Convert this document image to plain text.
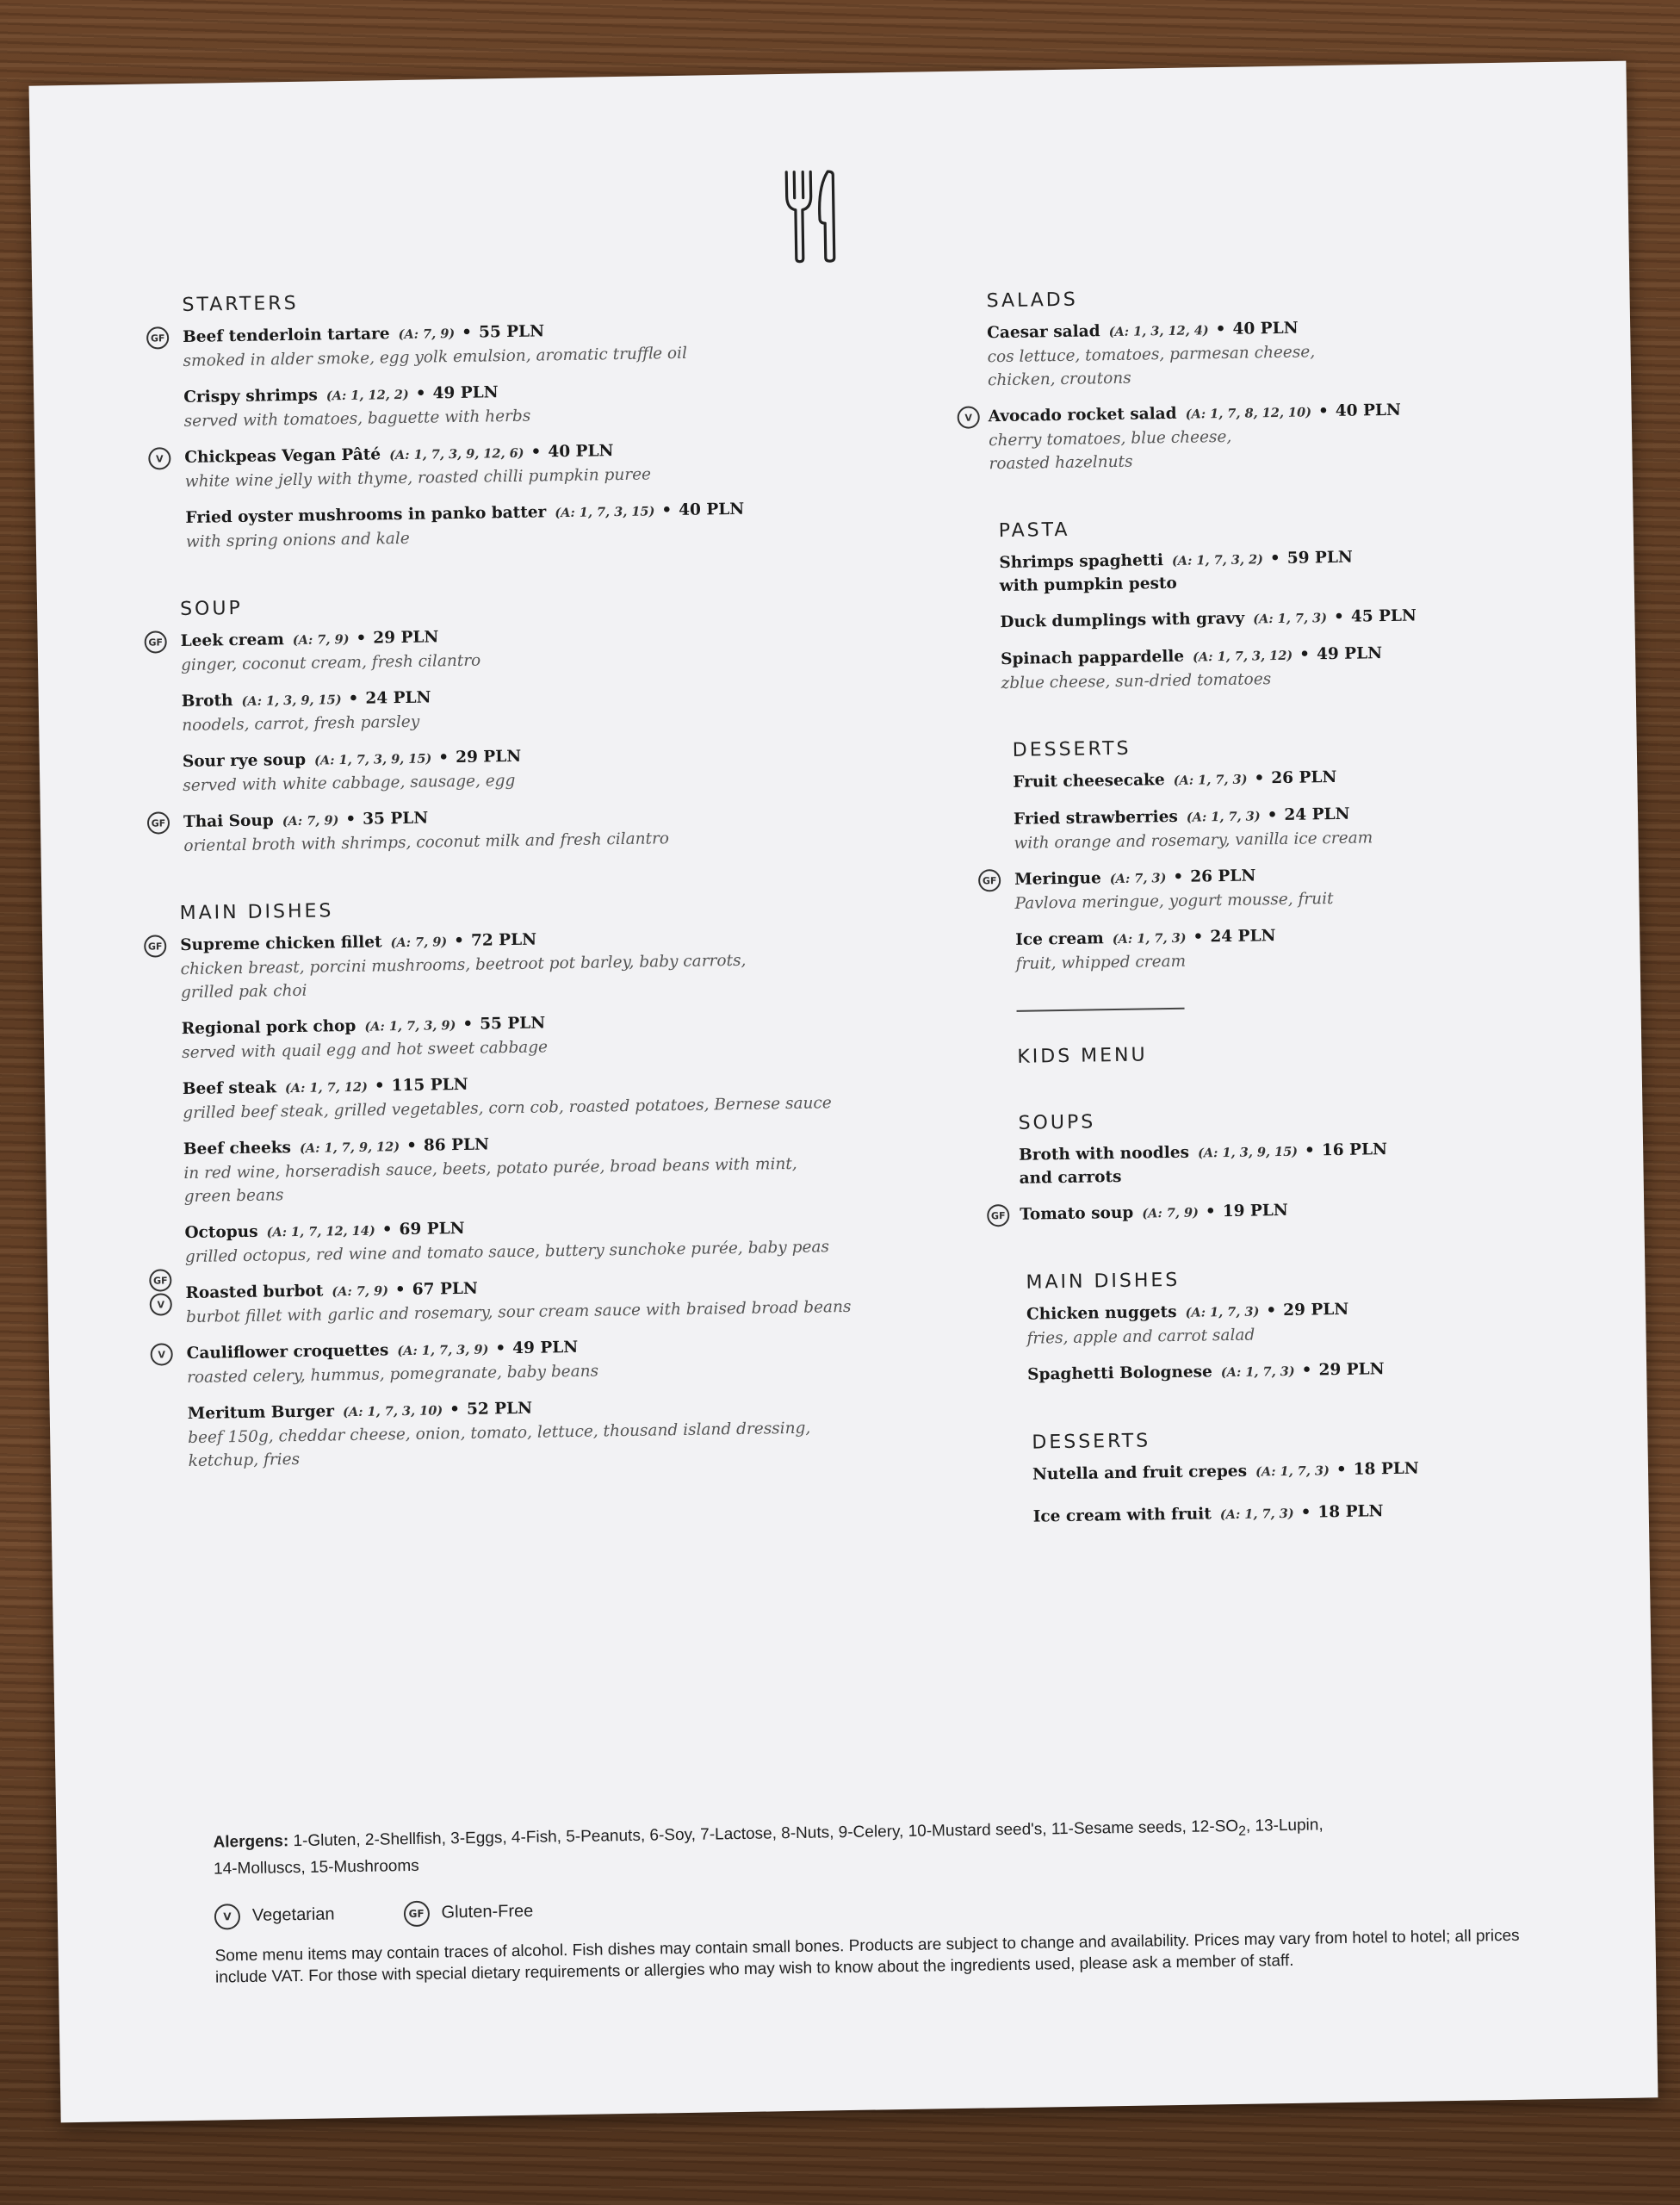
STARTERS
GF Beef tenderloin tartare (A: 7, 9) • 55 PLN
smoked in alder smoke, egg yolk emulsion, aromatic truffle oil
Crispy shrimps (A: 1, 12, 2) • 49 PLN
served with tomatoes, baguette with herbs
V	Chickpeas Vegan Pâté (A: 1, 7, 3, 9, 12, 6) • 40 PLN
white wine jelly with thyme, roasted chilli pumpkin puree
Fried oyster mushrooms in panko batter (A: 1, 7, 3, 15) • 40 PLN
with spring onions and kale
SOUP
GF Leek cream (A: 7, 9) • 29 PLN
ginger, coconut cream, fresh cilantro
Broth (A: 1, 3, 9, 15) • 24 PLN
noodels, carrot, fresh parsley
Sour rye soup (A: 1, 7, 3, 9, 15) • 29 PLN
served with white cabbage, sausage, egg
GF Thai Soup (A: 7, 9) • 35 PLN
oriental broth with shrimps, coconut milk and fresh cilantro
MAIN DISHES
GF Supreme chicken fillet (A: 7, 9) • 72 PLN
chicken breast, porcini mushrooms, beetroot pot barley, baby carrots,
grilled pak choi
Regional pork chop (A: 1, 7, 3, 9) • 55 PLN
served with quail egg and hot sweet cabbage
Beef steak (A: 1, 7, 12) • 115 PLN
grilled beef steak, grilled vegetables, corn cob, roasted potatoes, Bernese sauce
Beef cheeks (A: 1, 7, 9, 12) • 86 PLN
in red wine, horseradish sauce, beets, potato purée, broad beans with mint,
green beans
Octopus (A: 1, 7, 12, 14) • 69 PLN
grilled octopus, red wine and tomato sauce, buttery sunchoke purée, baby peas
GF
V
Roasted burbot (A: 7, 9) • 67 PLN
burbot fillet with garlic and rosemary, sour cream sauce with braised broad beans
V	Cauliflower croquettes (A: 1, 7, 3, 9) • 49 PLN
roasted celery, hummus, pomegranate, baby beans
Meritum Burger (A: 1, 7, 3, 10) • 52 PLN
beef 150g, cheddar cheese, onion, tomato, lettuce, thousand island dressing,
ketchup, fries
SALADS
Caesar salad (A: 1, 3, 12, 4) • 40 PLN
cos lettuce, tomatoes, parmesan cheese,
chicken, croutons
V Avocado rocket salad (A: 1, 7, 8, 12, 10) • 40 PLN
cherry tomatoes, blue cheese,
roasted hazelnuts
PASTA
Shrimps spaghetti (A: 1, 7, 3, 2) • 59 PLN
with pumpkin pesto
Duck dumplings with gravy (A: 1, 7, 3) • 45 PLN
Spinach pappardelle (A: 1, 7, 3, 12) • 49 PLN
zblue cheese, sun-dried tomatoes
DESSERTS
Fruit cheesecake (A: 1, 7, 3) • 26 PLN
Fried strawberries (A: 1, 7, 3) • 24 PLN
with orange and rosemary, vanilla ice cream
GF Meringue (A: 7, 3) • 26 PLN
Pavlova meringue, yogurt mousse, fruit
Ice cream (A: 1, 7, 3) • 24 PLN
fruit, whipped cream
KIDS MENU
SOUPS
Broth with noodles (A: 1, 3, 9, 15) • 16 PLN
and carrots
GF Tomato soup (A: 7, 9) • 19 PLN
MAIN DISHES
Chicken nuggets (A: 1, 7, 3) • 29 PLN
fries, apple and carrot salad
Spaghetti Bolognese (A: 1, 7, 3) • 29 PLN
DESSERTS
Nutella and fruit crepes (A: 1, 7, 3) • 18 PLN
Ice cream with fruit (A: 1, 7, 3) • 18 PLN
Alergens: 1-Gluten, 2-Shellfish, 3-Eggs, 4-Fish, 5-Peanuts, 6-Soy, 7-Lactose, 8-Nuts, 9-Celery, 10-Mustard seed's, 11-Sesame seeds, $12-SO_2$, 13-Lupin,
14-Molluscs, 15-Mushrooms
V	Vegetarian	GF Gluten-Free
Some menu items may contain traces of alcohol. Fish dishes may contain small bones. Products are subject to change and availability. Prices may vary from hotel to hotel; all prices include VAT. For those with special dietary requirements or allergies who may wish to know about the ingredients used, please ask a member of staff.
